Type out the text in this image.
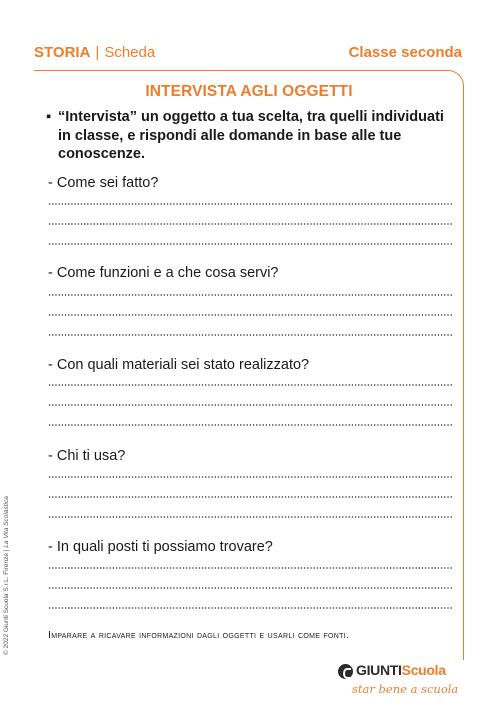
STORIA | Scheda	Classe seconda
INTERVISTA AGLI OGGETTI
▪ “Intervista” un oggetto a tua scelta, tra quelli individuati in classe, e rispondi alle domande in base alle tue conoscenze.
- Come sei fatto?
- Come funzioni e a che cosa servi?
- Con quali materiali sei stato realizzato?
- Chi ti usa?
- In quali posti ti possiamo trovare?
Imparare a ricavare informazioni dagli oggetti e usarli come fonti.
© 2022 Giunti Scuola S.r.L. Firenze | La Vita Scolastica
GIUNTIScuola
star bene a scuola
